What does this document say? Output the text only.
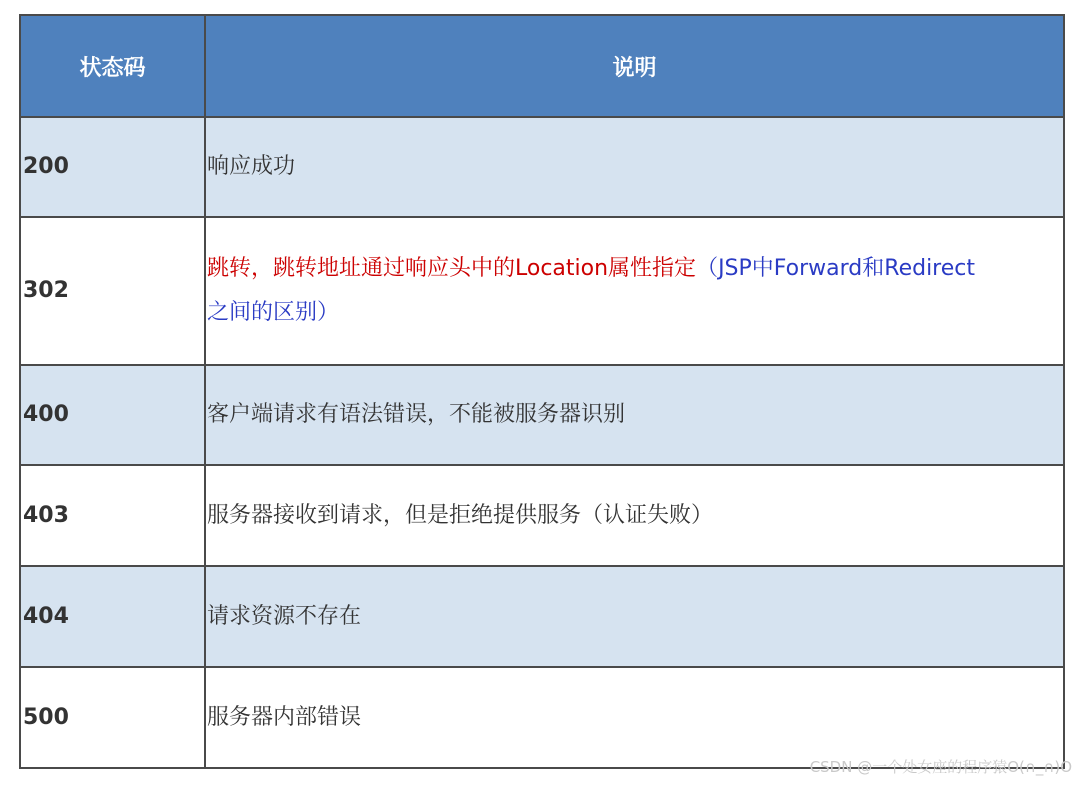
状态码	说明
200	响应成功
302	跳转，跳转地址通过响应头中的Location属性指定（JSP中Forward和Redirect之间的区别）
400	客户端请求有语法错误，不能被服务器识别
403	服务器接收到请求，但是拒绝提供服务（认证失败）
404	请求资源不存在
500	服务器内部错误
CSDN @一个处女座的程序猿O(∩_∩)O
